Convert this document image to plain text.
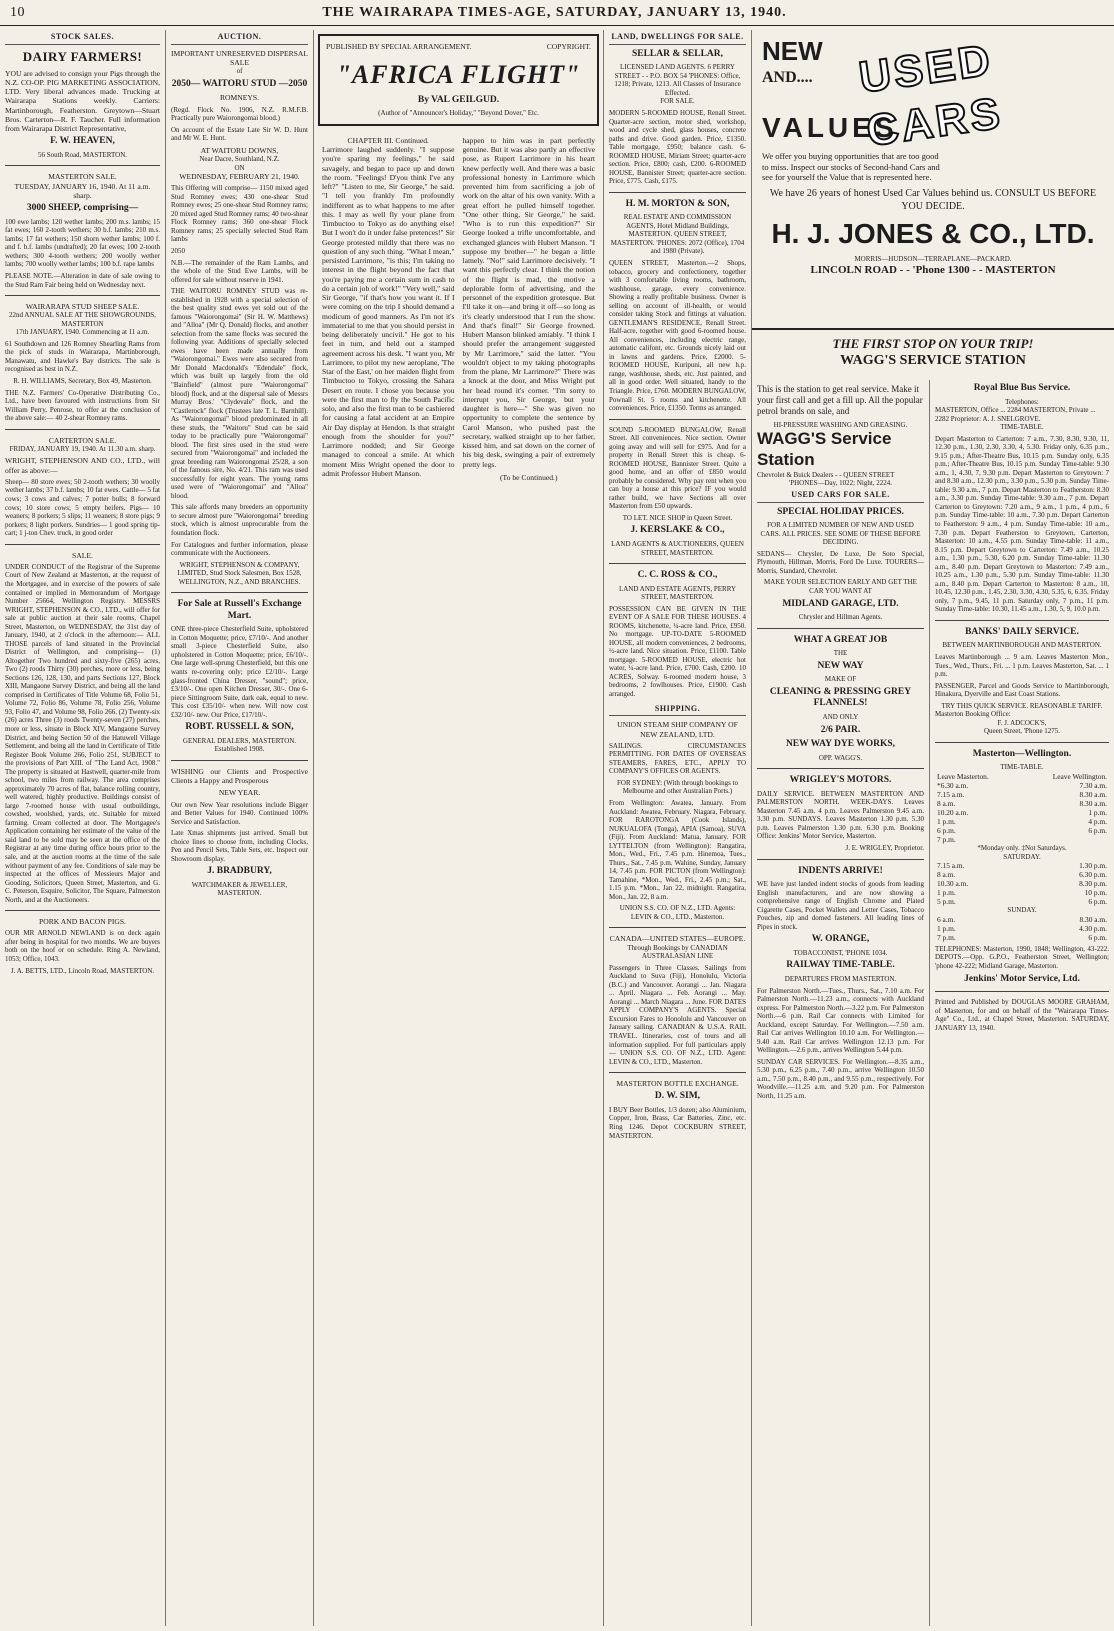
10	THE WAIRARAPA TIMES-AGE, SATURDAY, JANUARY 13, 1940.
STOCK SALES.
DAIRY FARMERS!
YOU are advised to consign your Pigs through the N.Z. CO-OP. PIG MARKETING ASSOCIATION, LTD. Very liberal advances made. Trucking at Wairarapa Stations weekly. Carriers: Martinborough, Featherston. Greytown—Stuart Bros. Carterton—R. F. Taucher. Full information from Wairarapa District Representative,
F. W. HEAVEN,
56 South Road, MASTERTON.
MASTERTON SALE.
TUESDAY, JANUARY 16, 1940. At 11 a.m. sharp.
3000 SHEEP, comprising—
100 ewe lambs; 120 wether lambs; 200 m.s. lambs; 15 fat ewes; 160 2-tooth wethers; 30 b.f. lambs; 210 m.s. lambs; 17 fat wethers; 150 shorn wether lambs; 100 f. and f. b.f. lambs (undrafted); 20 fat ewes; 100 2-tooth wethers; 300 4-tooth wethers; 200 woolly wether lambs; 700 woolly wether lambs; 100 b.f. rape lambs
PLEASE NOTE.—Alteration in date of sale owing to the Stud Ram Fair being held on Wednesday next.
WAIRARAPA STUD SHEEP SALE.
22nd ANNUAL SALE AT THE SHOWGROUNDS, MASTERTON
17th JANUARY, 1940. Commencing at 11 a.m.
61 Southdown and 126 Romney Shearling Rams from the pick of studs in Wairarapa, Martinborough, Manawatu, and Hawke's Bay districts. The sale is recognised as best in N.Z.
R. H. WILLIAMS, Secretary, Box 49, Masterton.
THE N.Z. Farmers' Co-Operative Distributing Co., Ltd., have been favoured with instructions from Sir William Perry, Penrose, to offer at the conclusion of the above sale:— 40 2-shear Romney rams.
CARTERTON SALE.
FRIDAY, JANUARY 19, 1940. At 11.30 a.m. sharp.
WRIGHT, STEPHENSON AND CO., LTD., will offer as above:—
Sheep— 80 store ewes; 50 2-tooth wethers; 30 woolly wether lambs; 37 b.f. lambs; 10 fat ewes. Cattle— 5 fat cows; 3 cows and calves; 7 potter bulls; 8 forward cows; 10 store cows; 5 empty heifers. Pigs— 10 weaners; 8 porkers; 5 slips; 11 weaners; 8 store pigs; 9 porkers; 8 light porkers. Sundries— 1 good spring tip-cart; 1 j-ton Chev. truck, in good order
SALE.
UNDER CONDUCT of the Registrar of the Supreme Court of New Zealand at Masterton, at the request of the Mortgagee, and in exercise of the powers of sale contained or implied in Memorandum of Mortgage Number 25664, Wellington Registry. MESSRS WRIGHT, STEPHENSON & CO., LTD., will offer for sale at public auction at their sale rooms, Chapel Street, Masterton, on WEDNESDAY, the 31st day of January, 1940, at 2 o'clock in the afternoon:— ALL THOSE parcels of land situated in the Provincial District of Wellington, and comprising— (1) Altogether Two hundred and sixty-five (265) acres, Two (2) roods Thirty (30) perches, more or less, being Sections 126, 128, 130, and parts Sections 127, Block XIII, Mangaone Survey District, and being all the land comprised in Certificates of Title Volume 68, Folio 51, Volume 72, Folio 86, Volume 78, Folio 256, Volume 93, Folio 47, and Volume 98, Folio 266. (2) Twenty-six (26) acres Three (3) roods Twenty-seven (27) perches, more or less, situate in Block XIV, Mangaone Survey District, and being Section 50 of the Hatuwell Village Settlement, and being all the land in Certificate of Title Register Book Volume 266, Folio 251, SUBJECT to the provisions of Part XIII. of "The Land Act, 1908." The property is situated at Hastwell, quarter-mile from school, two miles from railway. The area comprises approximately 70 acres of flat, balance rolling country, well watered, highly productive. Buildings consist of large 7-roomed house with usual outbuildings, cowshed, woolshed, yards, etc. Suitable for mixed farming. Cream collected at door. The Mortgagee's Application containing her estimate of the value of the said land to be sold may be seen at the office of the Registrar at any time during office hours prior to the sale, and at the auction rooms at the time of the sale without payment of any fee. Conditions of sale may be inspected at the offices of Messieurs Major and Gooding, Solicitors, Queen Street, Masterton, and G. C. Peterson, Esquire, Solicitor, The Square, Palmerston North, and at the Auctioneers.
PORK AND BACON PIGS.
OUR MR ARNOLD NEWLAND is on deck again after being in hospital for two months. We are buyers both on the hoof or on schedule. Ring A. Newland, 1053; Office, 1043.
J. A. BETTS, LTD., Lincoln Road, MASTERTON.
AUCTION.
IMPORTANT UNRESERVED DISPERSAL SALE
of
2050— WAITORU STUD —2050
ROMNEYS.
(Regd. Flock No. 1906, N.Z. R.M.F.B. Practically pure Waiorongomai blood.)
On account of the Estate Late Sir W. D. Hunt and Mr W. E. Hunt.
AT WAITORU DOWNS,
Near Dacre, Southland, N.Z.
ON
WEDNESDAY, FEBRUARY 21, 1940.
This Offering will comprise— 1150 mixed aged Stud Romney ewes; 430 one-shear Stud Romney ewes; 25 one-shear Stud Romney rams; 20 mixed aged Stud Romney rams; 40 two-shear Flock Romney rams; 360 one-shear Flock Romney rams; 25 specially selected Stud Ram lambs
2050
N.B.—The remainder of the Ram Lambs, and the whole of the Stud Ewe Lambs, will be offered for sale without reserve in 1941.
THE WAITORU ROMNEY STUD was re-established in 1928 with a special selection of the best quality stud ewes yet sold out of the famous "Waiorongomai" (Sir H. W. Matthews) and "Alloa" (Mr Q. Donald) flocks, and another selection from the same flocks was secured the following year. Additions of specially selected ewes have been made annually from "Waiorongomai." Ewes were also secured from Mr Donald Macdonald's "Edendale" flock, which was built up largely from the old "Bainfield" (almost pure "Waiorongomai" blood) flock, and at the dispersal sale of Messrs Murray Bros.' "Clydevale" flock, and the "Castlerock" flock (Trustees late T. L. Barnhill). As "Waiorongomai" blood predominated in all these studs, the "Waitoru" Stud can be said today to be practically pure "Waiorongomai" blood. The first sires used in the stud were secured from "Waiorongomai" and included the great breeding ram Waiorongomai 25/28, a son of the famous sire, No. 4/21. This ram was used successfully for eight years. The young rams used were of "Waiorongomai" and "Alloa" blood.
This sale affords many breeders an opportunity to secure almost pure "Waiorongomai" breeding stock, which is almost unprocurable from the foundation flock.
For Catalogues and further information, please communicate with the Auctioneers.
WRIGHT, STEPHENSON & COMPANY, LIMITED, Stud Stock Salesmen, Box 1528, WELLINGTON, N.Z., AND BRANCHES.
For Sale at Russell's Exchange Mart.
ONE three-piece Chesterfield Suite, upholstered in Cotton Moquette; price, £7/10/-. And another small 3-piece Chesterfield Suite, also upholstered in Cotton Moquette; price, £6/10/-. One large well-sprung Chesterfield, but this one wants re-covering only; price £2/10/-. Large glass-fronted China Dresser, "sound"; price, £3/10/-. One open Kitchen Dresser, 30/-. One 6-piece Sittingroom Suite, dark oak, equal to new. This cost £35/10/- when new. Will now cost £32/10/- new. Our Price, £17/10/-.
ROBT. RUSSELL & SON,
GENERAL DEALERS, MASTERTON. Established 1908.
WISHING our Clients and Prospective Clients a Happy and Prosperous
NEW YEAR.
Our own New Year resolutions include Bigger and Better Values for 1940. Continued 100% Service and Satisfaction.
Late Xmas shipments just arrived. Small but choice lines to choose from, including Clocks, Pen and Pencil Sets, Table Sets, etc. Inspect our Showroom display.
J. BRADBURY,
WATCHMAKER & JEWELLER, MASTERTON.
PUBLISHED BY SPECIAL ARRANGEMENT.	COPYRIGHT.
"AFRICA FLIGHT"
By VAL GEILGUD.
(Author of "Announcer's Holiday," "Beyond Dover," Etc.
CHAPTER III. Continued.
Larrimore laughed suddenly. "I suppose you're sparing my feelings," he said savagely, and began to pace up and down the room. "Feelings! D'you think I've any left?" "Listen to me, Sir George," he said. "I tell you frankly I'm profoundly indifferent as to what happens to me after this. I may as well fly your plane from Timbuctoo to Tokyo as do anything else! But I won't do it under false pretences!" Sir George protested mildly that there was no question of any such thing. "What I mean," persisted Larrimore, "is this; I'm taking no interest in the flight beyond the fact that you're paying me a certain sum in cash to do a certain job of work!" "Very well," said Sir George, "if that's how you want it. If I were coming on the trip I should demand a modicum of good manners. As I'm not it's immaterial to me that you should persist in being deliberately uncivil." He got to his feet in turn, and held out a stamped agreement across his desk. "I want you, Mr Larrimore, to pilot my new aeroplane, 'The Star of the East,' on her maiden flight from Timbuctoo to Tokyo, crossing the Sahara Desert en route. I chose you because you were the first man to fly the South Pacific solo, and also the first man to be cashiered for causing a fatal accident at an Empire Air Day display at Hendon. Is that straight enough from the shoulder for you?" Larrimore nodded; and Sir George managed to conceal a smile. At which moment Miss Wright opened the door to admit Professor Hubert Manson.
happen to him was in part perfectly genuine. But it was also partly an effective pose, as Rupert Larrimore in his heart knew perfectly well. And there was a basic professional honesty in Larrimore which prevented him from sacrificing a job of work on the altar of his own vanity. With a great effort he pulled himself together. "One other thing, Sir George," he said. "Who is to run this expedition?" Sir George looked a trifle uncomfortable, and exchanged glances with Hubert Manson. "I suppose my brother—" he began a little lamely. "No!" said Larrimore decisively. "I want this perfectly clear. I think the notion of the flight is mad, the motive a deplorable form of advertising, and the personnel of the expedition grotesque. But I'll take it on—and bring it off—so long as it's clearly understood that I run the show. And that's final!" Sir George frowned. Hubert Manson blinked amiably. "I think I should prefer the arrangement suggested by Mr Larrimore," said the latter. "You wouldn't object to my taking photographs from the plane, Mr Larrimore?" There was a knock at the door, and Miss Wright put her head round it's corner. "I'm sorry to interrupt you, Sir George, but your daughter is here—" She was given no opportunity to complete the sentence by Carol Manson, who pushed past the secretary, walked straight up to her father, kissed him, and sat down on the corner of his big desk, swinging a pair of extremely pretty legs.
(To be Continued.)
LAND, DWELLINGS FOR SALE.
SELLAR & SELLAR,
LICENSED LAND AGENTS. 6 PERRY STREET - - P.O. BOX 54 'PHONES: Office, 1218; Private, 1213. All Classes of Insurance Effected.
FOR SALE.
MODERN 5-ROOMED HOUSE, Renall Street. Quarter-acre section, motor shed, workshop, wood and cycle shed, glass houses, concrete paths and drive. Good garden. Price, £1350. Table mortgage, £950; balance cash. 6-ROOMED HOUSE, Miriam Street; quarter-acre section. Price, £800; cash, £200. 6-ROOMED HOUSE, Bannister Street; quarter-acre section. Price, £775. Cash, £175.
H. M. MORTON & SON,
REAL ESTATE AND COMMISSION AGENTS, Hotel Midland Buildings, MASTERTON. QUEEN STREET, MASTERTON. 'PHONES: 2072 (Office), 1704 and 1980 (Private).
QUEEN STREET, Masterton.—2 Shops, tobacco, grocery and confectionery, together with 3 comfortable living rooms, bathroom, washhouse, garage, every convenience. Showing a really profitable business. Owner is selling on account of ill-health, or would consider taking Stock and fittings at valuation. GENTLEMAN'S RESIDENCE, Renall Street. Half-acre, together with good 6-roomed house. All conveniences, including electric range, automatic califont, etc. Grounds nicely laid out in lawns and gardens. Price, £2000. 5-ROOMED HOUSE, Kuripuni, all new h.p. range, washhouse, sheds, etc. Just painted, and all in good order. Well situated, handy to the Triangle. Price, £760. MODERN BUNGALOW, Pownall St. 5 rooms and kitchenette. All conveniences. Price, £1350. Terms as arranged.
SOUND 5-ROOMED BUNGALOW, Renall Street. All conveniences. Nice section. Owner going away and will sell for £975. And for a property in Renall Street this is cheap. 6-ROOMED HOUSE, Bannister Street. Quite a good home, and an offer of £850 would probably be considered. Why pay rent when you can buy a house at this price? IF you would rather build, we have Sections all over Masterton from £50 upwards.
TO LET. NICE SHOP in Queen Street.
J. KERSLAKE & CO.,
LAND AGENTS & AUCTIONEERS, QUEEN STREET, MASTERTON.
C. C. ROSS & CO.,
LAND AND ESTATE AGENTS, PERRY STREET, MASTERTON.
POSSESSION CAN BE GIVEN IN THE EVENT OF A SALE FOR THESE HOUSES. 4 ROOMS, kitchenette, ¼-acre land. Price, £950. No mortgage. UP-TO-DATE 5-ROOMED HOUSE, all modern conveniences, 2 bedrooms, ½-acre land. Nice situation. Price, £1100. Table mortgage. 5-ROOMED HOUSE, electric hot water, ¼-acre land. Price, £700. Cash, £200. 10 ACRES, Solway. 6-roomed modern house, 3 bedrooms, 2 fowlhouses. Price, £1900. Cash arranged.
SHIPPING.
UNION STEAM SHIP COMPANY OF NEW ZEALAND, LTD.
SAILINGS. CIRCUMSTANCES PERMITTING. FOR DATES OF OVERSEAS STEAMERS, FARES, ETC., APPLY TO COMPANY'S OFFICES OR AGENTS.
FOR SYDNEY: (With through bookings to Melbourne and other Australian Ports.)
From Wellington: Awatea, January. From Auckland: Awatea, February. Niagara, February. FOR RAROTONGA (Cook Islands), NUKUALOFA (Tonga), APIA (Samoa), SUVA (Fiji). From Auckland: Matua, January. FOR LYTTELTON (from Wellington): Rangatira, Mon., Wed., Fri., 7.45 p.m. Hinemoa, Tues., Thurs., Sat., 7.45 p.m. Wahine, Sunday, January 14, 7.45 p.m. FOR PICTON (from Wellington): Tamahine, *Mon., Wed., Fri., 2.45 p.m.; Sat., 1.15 p.m. *Mon., Jan 22, midnight. Rangatira, Mon., Jan. 22, 8 a.m.
UNION S.S. CO. OF N.Z., LTD. Agents: LEVIN & CO., LTD., Masterton.
CANADA—UNITED STATES—EUROPE.
Through Bookings by CANADIAN AUSTRALASIAN LINE
Passengers in Three Classes. Sailings from Auckland to Suva (Fiji), Honolulu, Victoria (B.C.) and Vancouver. Aorangi ... Jan. Niagara ... April. Niagara ... Feb. Aorangi ... May. Aorangi ... March Niagara ... June. FOR DATES APPLY COMPANY'S AGENTS. Special Excursion Fares to Honolulu and Vancouver on January sailing. CANADIAN & U.S.A. RAIL TRAVEL. Itineraries, cost of tours and all information supplied. For full particulars apply— UNION S.S. CO. OF N.Z., LTD. Agent: LEVIN & CO., LTD., Masterton.
MASTERTON BOTTLE EXCHANGE.
D. W. SIM,
I BUY Beer Bottles, 1/3 dozen; also Aluminium, Copper, Iron, Brass, Car Batteries, Zinc, etc. Ring 1246. Depot COCKBURN STREET, MASTERTON.
NEW
AND.... USED CARS
VALUES
We offer you buying opportunities that are too good to miss. Inspect our stocks of Second-hand Cars and see for yourself the Value that is represented here.
We have 26 years of honest Used Car Values behind us. CONSULT US BEFORE YOU DECIDE.
H. J. JONES & CO., LTD.
MORRIS—HUDSON—TERRAPLANE—PACKARD.
LINCOLN ROAD - - 'Phone 1300 - - MASTERTON
THE FIRST STOP ON YOUR TRIP!
WAGG'S SERVICE STATION
This is the station to get real service. Make it your first call and get a fill up. All the popular petrol brands on sale, and
HI-PRESSURE WASHING AND GREASING.
WAGG'S Service Station
Chevrolet & Buick Dealers - - QUEEN STREET
'PHONES—Day, 1022; Night, 2224.
USED CARS FOR SALE.
SPECIAL HOLIDAY PRICES.
FOR A LIMITED NUMBER OF NEW AND USED CARS. ALL PRICES. SEE SOME OF THESE BEFORE DECIDING.
SEDANS— Chrysler, De Luxe, De Soto Special, Plymouth, Hillman, Morris, Ford De Luxe. TOURERS— Morris, Standard, Chevrolet.
MAKE YOUR SELECTION EARLY AND GET THE CAR YOU WANT AT
MIDLAND GARAGE, LTD.
Chrysler and Hillman Agents.
WHAT A GREAT JOB
THE
NEW WAY
MAKE OF
CLEANING & PRESSING GREY FLANNELS!
AND ONLY
2/6 PAIR.
NEW WAY DYE WORKS,
OPP. WAGG'S.
WRIGLEY'S MOTORS.
DAILY SERVICE. BETWEEN MASTERTON AND PALMERSTON NORTH. WEEK-DAYS. Leaves Masterton 7.45 a.m. 4 p.m. Leaves Palmerston 9.45 a.m. 3.30 p.m. SUNDAYS. Leaves Masterton 1.30 p.m. 5.30 p.m. Leaves Palmerston 1.30 p.m. 6.30 p.m. Booking Office: Jenkins' Motor Service, Masterton.
J. E. WRIGLEY, Proprietor.
INDENTS ARRIVE!
WE have just landed indent stocks of goods from leading English manufacturers, and are now showing a comprehensive range of English Chrome and Plated Cigarette Cases, Pocket Wallets and Letter Cases, Tobacco Pouches, zip and domed fasteners. All leading lines of Pipes in stock.
W. ORANGE,
TOBACCONIST, 'PHONE 1034.
RAILWAY TIME-TABLE.
DEPARTURES FROM MASTERTON.
For Palmerston North.—Tues., Thurs., Sat., 7.10 a.m. For Palmerston North.—11.23 a.m., connects with Auckland express. For Palmerston North.—3.22 p.m. For Palmerston North.—6 p.m. Rail Car connects with Limited for Auckland, except Saturday. For Wellington.—7.50 a.m. Rail Car arrives Wellington 10.10 a.m. For Wellington.—9.40 a.m. Rail Car arrives Wellington 12.13 p.m. For Wellington.—2.6 p.m., arrives Wellington 5.44 p.m.
SUNDAY CAR SERVICES. For Wellington.—8.35 a.m., 5.30 p.m., 6.25 p.m., 7.40 p.m., arrive Wellington 10.50 a.m., 7.50 p.m., 8.40 p.m., and 9.55 p.m., respectively. For Woodville.—11.25 a.m. and 9.20 p.m. For Palmerston North, 11.25 a.m.
Royal Blue Bus Service.
Telephones:
MASTERTON, Office ... 2284 MASTERTON, Private ... 2282 Proprietor: A. J. SNELGROVE.
TIME-TABLE.
Depart Masterton to Carterton: 7 a.m., 7.30, 8.30, 9.30, 11, 12.30 p.m., 1.30, 2.30, 3.30, 4, 5.30. Friday only, 6.35 p.m., 9.15 p.m.; After-Theatre Bus, 10.15 p.m. Sunday only, 6.35 p.m.; After-Theatre Bus, 10.15 p.m. Sunday Time-table: 9.30 a.m., 1, 4.30, 7, 9.30 p.m. Depart Masterton to Greytown: 7 and 8.30 a.m., 12.30 p.m., 3.30 p.m., 5.30 p.m. Sunday Time-table: 9.30 a.m., 7 p.m. Depart Masterton to Featherston: 8.30 a.m., 3.30 p.m. Sunday Time-table: 9.30 a.m., 7 p.m. Depart Carterton to Greytown: 7.20 a.m., 9 a.m., 1 p.m., 4 p.m., 6 p.m. Sunday Time-table: 10 a.m., 7.30 p.m. Depart Carterton to Featherston: 9 a.m., 4 p.m. Sunday Time-table: 10 a.m., 7.30 p.m. Depart Featherston to Greytown, Carterton, Masterton: 10 a.m., 4.55 p.m. Sunday Time-table: 11 a.m., 8.15 p.m. Depart Greytown to Carterton: 7.49 a.m., 10.25 a.m., 1.30 p.m., 5.30, 6.20 p.m. Sunday Time-table: 11.30 a.m., 8.40 p.m. Depart Greytown to Masterton: 7.49 a.m., 10.25 a.m., 1.30 p.m., 5.30 p.m. Sunday Time-table: 11.30 a.m., 8.40 p.m. Depart Carterton to Masterton: 8 a.m., 10, 10.45, 12.30 p.m., 1.45, 2.30, 3.30, 4.30, 5.35, 6, 6.35. Friday only, 7 p.m., 9.45, 11 p.m. Saturday only, 7 p.m., 11 p.m. Sunday Time-table: 10.30, 11.45 a.m., 1.30, 5, 9, 10.0 p.m.
BANKS' DAILY SERVICE.
BETWEEN MARTINBOROUGH AND MASTERTON.
Leaves Martinborough ... 9 a.m. Leaves Masterton Mon., Tues., Wed., Thurs., Fri. ... 1 p.m. Leaves Masterton, Sat. ... 1 p.m.
PASSENGER, Parcel and Goods Service to Martinborough, Hinakura, Dyerville and East Coast Stations.
TRY THIS QUICK SERVICE. REASONABLE TARIFF.
Masterton Booking Office:
F. J. ADCOCK'S,
Queen Street, 'Phone 1275.
Masterton—Wellington.
TIME-TABLE.
Leave Masterton.	Leave Wellington.
*6.30 a.m.	7.30 a.m.
7.15 a.m.	8.30 a.m.
8 a.m.	8.30 a.m.
10.20 a.m.	1 p.m.
1 p.m.	4 p.m.
6 p.m.	6 p.m.
7 p.m.	
*Monday only. ‡Not Saturdays.
SATURDAY.
7.15 a.m.	1.30 p.m.
8 a.m.	6.30 p.m.
10.30 a.m.	8.30 p.m.
1 p.m.	10 p.m.
5 p.m.	6 p.m.
SUNDAY.
6 a.m.	8.30 a.m.
1 p.m.	4.30 p.m.
7 p.m.	6 p.m.
TELEPHONES: Masterton, 1990, 1848; Wellington, 43-222. DEPOTS.—Opp. G.P.O., Featherston Street, Wellington; 'phone 42-222; Midland Garage, Masterton.
Jenkins' Motor Service, Ltd.
Printed and Published by DOUGLAS MOORE GRAHAM, of Masterton, for and on behalf of the "Wairarapa Times-Age" Co., Ltd., at Chapel Street, Masterton. SATURDAY, JANUARY 13, 1940.
